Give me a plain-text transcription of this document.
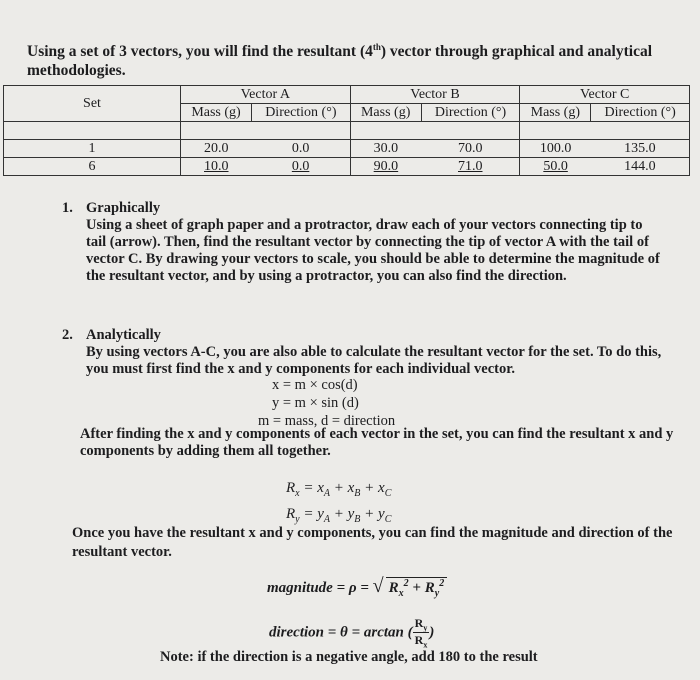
Using a set of 3 vectors, you will find the resultant (4th) vector through graphical and analytical methodologies.

Set	Vector A		Vector B		Vector C	
	Mass (g)	Direction (°)	Mass (g)	Direction (°)	Mass (g)	Direction (°)

1	20.0	0.0	30.0	70.0	100.0	135.0
6	10.0	0.0	90.0	71.0	50.0	144.0
1. Graphically
Using a sheet of graph paper and a protractor, draw each of your vectors connecting tip to tail (arrow). Then, find the resultant vector by connecting the tip of vector A with the tail of vector C. By drawing your vectors to scale, you should be able to determine the magnitude of the resultant vector, and by using a protractor, you can also find the direction.
2. Analytically
By using vectors A-C, you are also able to calculate the resultant vector for the set. To do this, you must first find the x and y components for each individual vector.
x = m × cos(d)
y = m × sin (d)
m = mass, d = direction
After finding the x and y components of each vector in the set, you can find the resultant x and y components by adding them all together.
$R_x = x_A + x_B + x_C$
$R_y = y_A + y_B + y_C$
Once you have the resultant x and y components, you can find the magnitude and direction of the resultant vector.
magnitude = ρ = √ $R_x^2 + R_y^2$
direction = θ = arctan ( $\frac{R_y}{R_x}$ )
Note: if the direction is a negative angle, add 180 to the result
